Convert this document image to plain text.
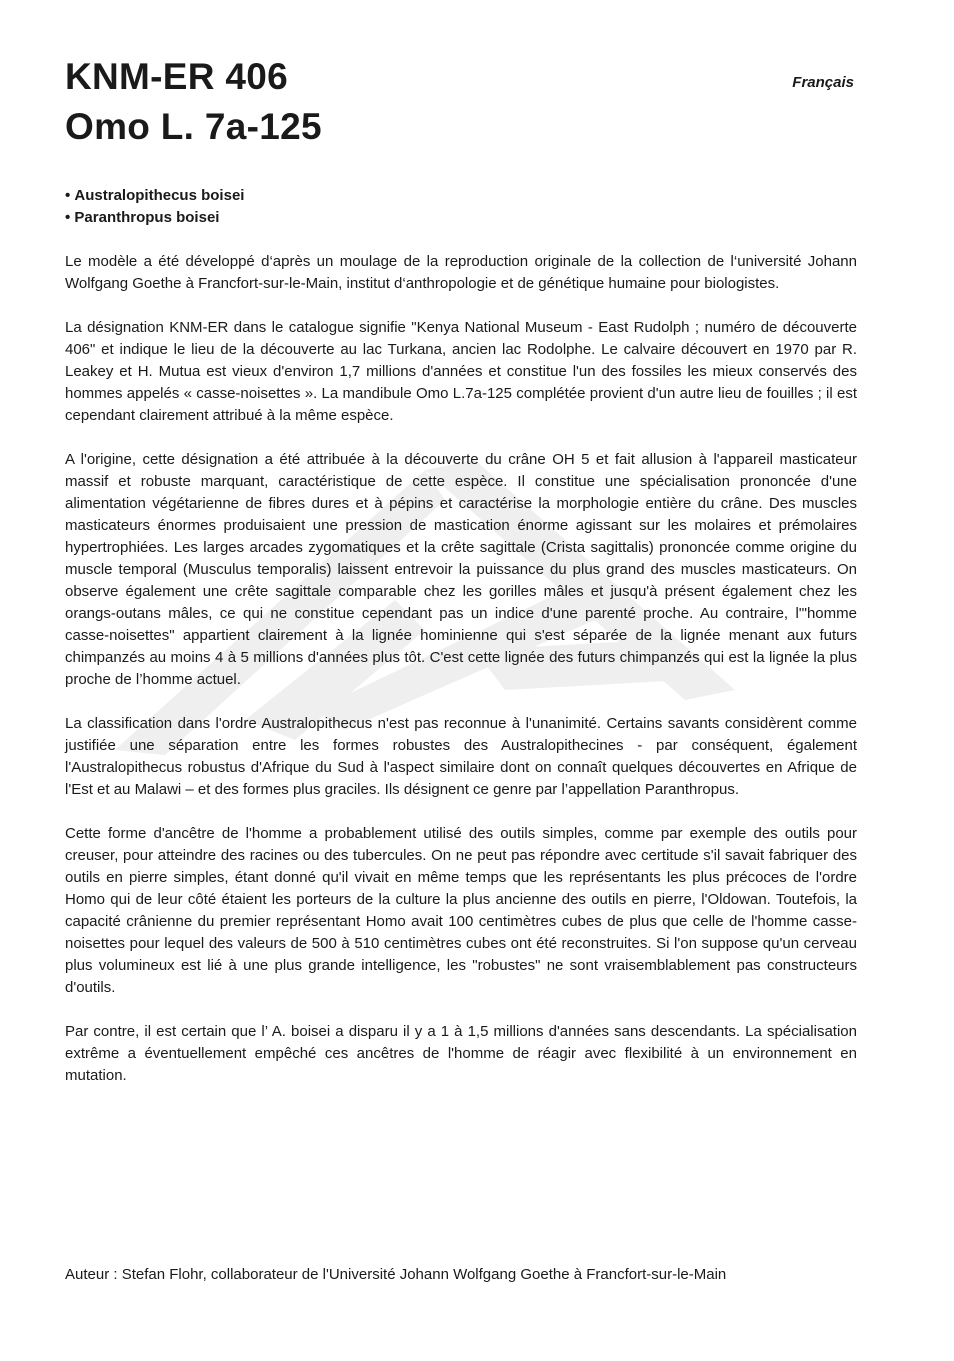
KNM-ER 406
Omo L. 7a-125
Français
• Australopithecus boisei
• Paranthropus boisei

Le modèle a été développé d‘après un moulage de la reproduction originale de la collection de l‘université Johann Wolfgang Goethe à Francfort-sur-le-Main, institut d‘anthropologie et de génétique humaine pour biologistes.

La désignation KNM-ER dans le catalogue signifie "Kenya National Museum - East Rudolph ; numéro de découverte 406" et indique le lieu de la découverte au lac Turkana, ancien lac Rodolphe. Le calvaire découvert en 1970 par R. Leakey et H. Mutua est vieux d'environ 1,7 millions d'années et constitue l'un des fossiles les mieux conservés des hommes appelés « casse-noisettes ». La mandibule Omo L.7a-125 complétée provient d'un autre lieu de fouilles ; il est cependant clairement attribué à la même espèce.

A l'origine, cette désignation a été attribuée à la découverte du crâne OH 5 et fait allusion à l'appareil masticateur massif et robuste marquant, caractéristique de cette espèce. Il constitue une spécialisation prononcée d'une alimentation végétarienne de fibres dures et à pépins et caractérise la morphologie entière du crâne. Des muscles masticateurs énormes produisaient une pression de mastication énorme agissant sur les molaires et prémolaires hypertrophiées. Les larges arcades zygomatiques et la crête sagittale (Crista sagittalis) prononcée comme origine du muscle temporal (Musculus temporalis) laissent entrevoir la puissance du plus grand des muscles masticateurs. On observe également une crête sagittale comparable chez les gorilles mâles et jusqu'à présent également chez les orangs-outans mâles, ce qui ne constitue cependant pas un indice d'une parenté proche. Au contraire, l'"homme casse-noisettes" appartient clairement à la lignée hominienne qui s'est séparée de la lignée menant aux futurs chimpanzés au moins 4 à 5 millions d'années plus tôt. C'est cette lignée des futurs chimpanzés qui est la lignée la plus proche de l’homme actuel.

La classification dans l'ordre Australopithecus n'est pas reconnue à l'unanimité. Certains savants considèrent comme justifiée une séparation entre les formes robustes des Australopithecines - par conséquent, également l'Australopithecus robustus d'Afrique du Sud à l'aspect similaire dont on connaît quelques découvertes en Afrique de l'Est et au Malawi – et des formes plus graciles. Ils désignent ce genre par l’appellation Paranthropus.

Cette forme d'ancêtre de l'homme a probablement utilisé des outils simples, comme par exemple des outils pour creuser, pour atteindre des racines ou des tubercules. On ne peut pas répondre avec certitude s'il savait fabriquer des outils en pierre simples, étant donné qu'il vivait en même temps que les représentants les plus précoces de l'ordre Homo qui de leur côté étaient les porteurs de la culture la plus ancienne des outils en pierre, l'Oldowan. Toutefois, la capacité crânienne du premier représentant Homo avait 100 centimètres cubes de plus que celle de l'homme casse-noisettes pour lequel des valeurs de 500 à 510 centimètres cubes ont été reconstruites. Si l'on suppose qu'un cerveau plus volumineux est lié à une plus grande intelligence, les "robustes" ne sont vraisemblablement pas constructeurs d'outils.

Par contre, il est certain que l’ A. boisei a disparu il y a 1 à 1,5 millions d'années sans descendants. La spécialisation extrême a éventuellement empêché ces ancêtres de l'homme de réagir avec flexibilité à un environnement en mutation.

Auteur : Stefan Flohr, collaborateur de l'Université Johann Wolfgang Goethe à Francfort-sur-le-Main
